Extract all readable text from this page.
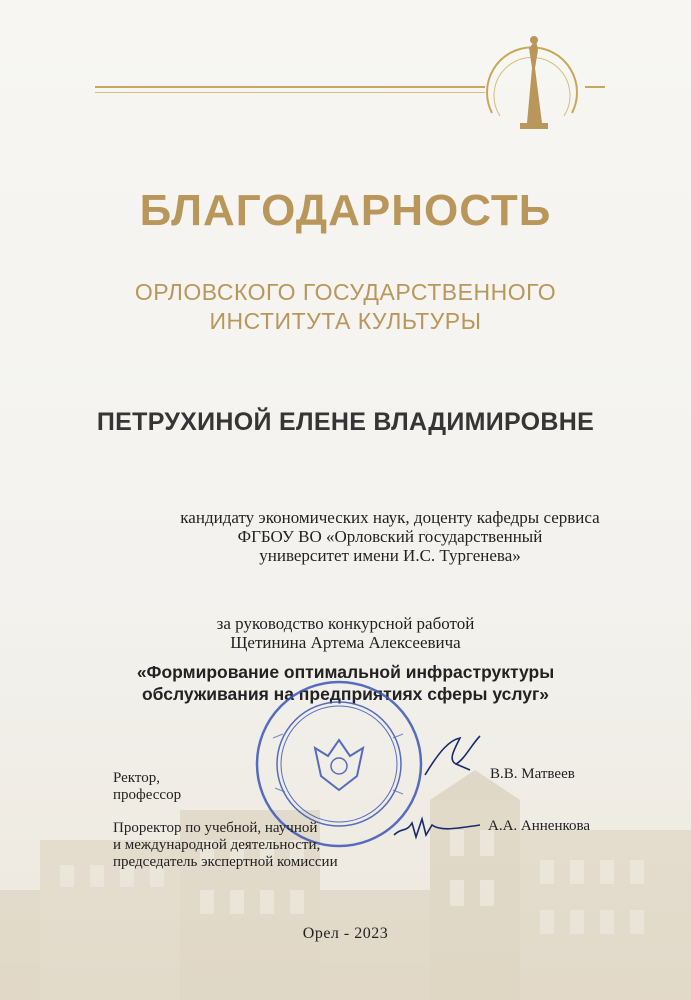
БЛАГОДАРНОСТЬ
ОРЛОВСКОГО ГОСУДАРСТВЕННОГО
ИНСТИТУТА КУЛЬТУРЫ
ПЕТРУХИНОЙ ЕЛЕНЕ ВЛАДИМИРОВНЕ
кандидату экономических наук, доценту кафедры сервиса
ФГБОУ ВО «Орловский государственный
университет имени И.С. Тургенева»
за руководство конкурсной работой
Щетинина Артема Алексеевича
«Формирование оптимальной инфраструктуры
обслуживания на предприятиях сферы услуг»
Ректор,
профессор
В.В. Матвеев
Проректор по учебной, научной
и международной деятельности,
председатель экспертной комиссии
А.А. Анненкова
Орел - 2023
